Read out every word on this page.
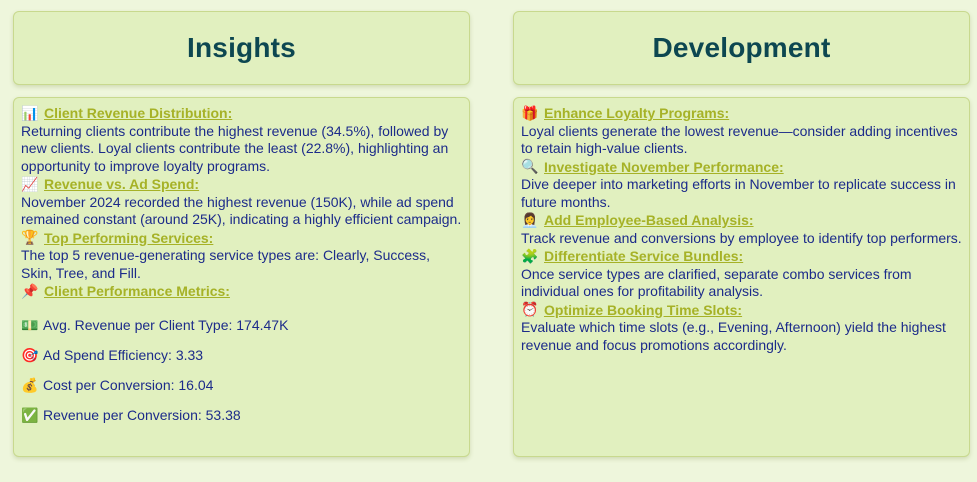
Insights
📊 Client Revenue Distribution:
Returning clients contribute the highest revenue (34.5%), followed by new clients. Loyal clients contribute the least (22.8%), highlighting an opportunity to improve loyalty programs.
📈 Revenue vs. Ad Spend:
November 2024 recorded the highest revenue (150K), while ad spend remained constant (around 25K), indicating a highly efficient campaign.
🏆 Top Performing Services:
The top 5 revenue-generating service types are: Clearly, Success, Skin, Tree, and Fill.
📌 Client Performance Metrics:
💵 Avg. Revenue per Client Type: 174.47K
🎯 Ad Spend Efficiency: 3.33
💰 Cost per Conversion: 16.04
✅ Revenue per Conversion: 53.38
Development
🎁 Enhance Loyalty Programs:
Loyal clients generate the lowest revenue—consider adding incentives to retain high-value clients.
🔍 Investigate November Performance:
Dive deeper into marketing efforts in November to replicate success in future months.
👩‍💼 Add Employee-Based Analysis:
Track revenue and conversions by employee to identify top performers.
🧩 Differentiate Service Bundles:
Once service types are clarified, separate combo services from individual ones for profitability analysis.
⏰ Optimize Booking Time Slots:
Evaluate which time slots (e.g., Evening, Afternoon) yield the highest revenue and focus promotions accordingly.
